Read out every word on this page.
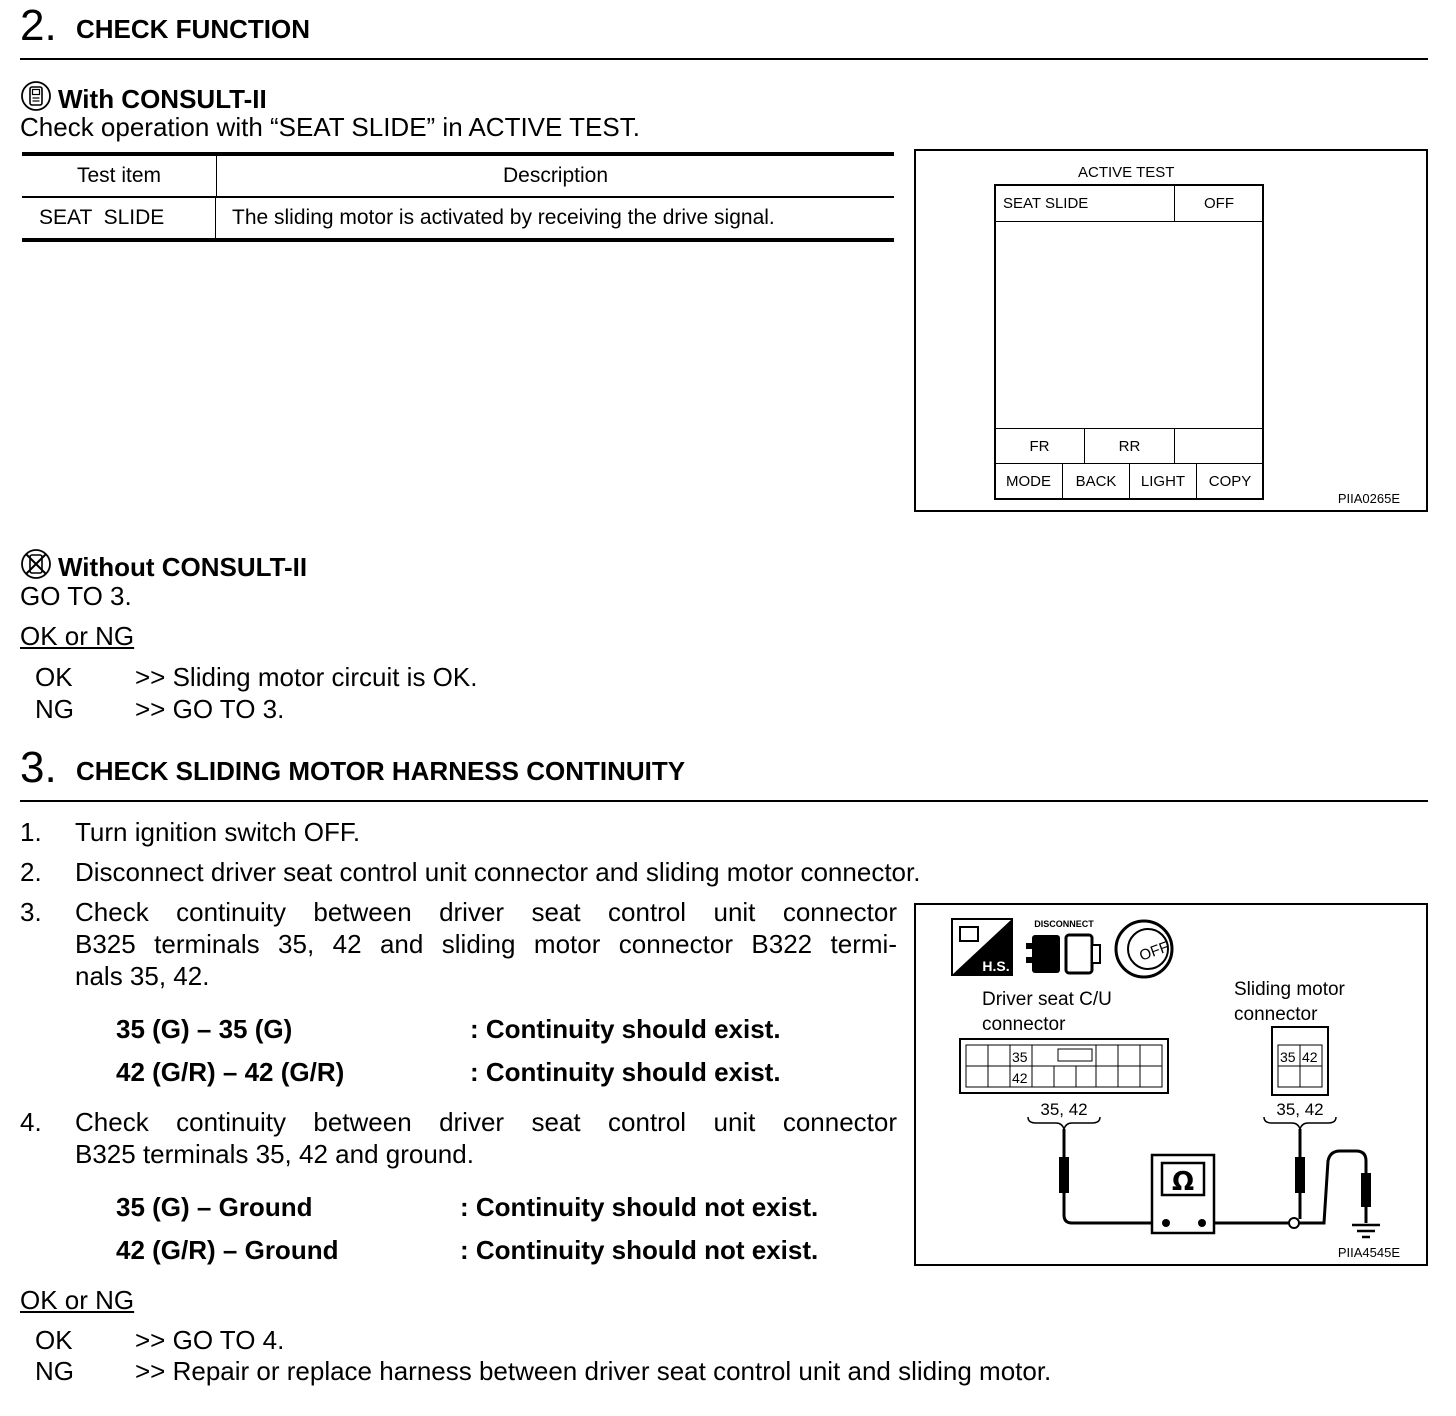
2. CHECK FUNCTION
With CONSULT-II
Check operation with “SEAT SLIDE” in ACTIVE TEST.
Test item	Description
SEAT  SLIDE	The sliding motor is activated by receiving the drive signal.
ACTIVE TEST
SEAT SLIDE	OFF
FR	RR
MODE	BACK	LIGHT	COPY
PIIA0265E
Without CONSULT-II
GO TO 3.
OK or NG
OK >> Sliding motor circuit is OK.
NG >> GO TO 3.
3. CHECK SLIDING MOTOR HARNESS CONTINUITY
1. Turn ignition switch OFF.
2. Disconnect driver seat control unit connector and sliding motor connector.
3. Check continuity between driver seat control unit connector
B325 terminals 35, 42 and sliding motor connector B322 termi-
nals 35, 42.
35 (G) – 35 (G)	: Continuity should exist.
42 (G/R) – 42 (G/R)	: Continuity should exist.
4. Check continuity between driver seat control unit connector
B325 terminals 35, 42 and ground.
35 (G) – Ground	: Continuity should not exist.
42 (G/R) – Ground	: Continuity should not exist.
H.S.
DISCONNECT
OFF
Driver seat C/U
connector
Sliding motor
connector
35
42
35 42
35, 42	35, 42
Ω
PIIA4545E
OK or NG
OK >> GO TO 4.
NG >> Repair or replace harness between driver seat control unit and sliding motor.
